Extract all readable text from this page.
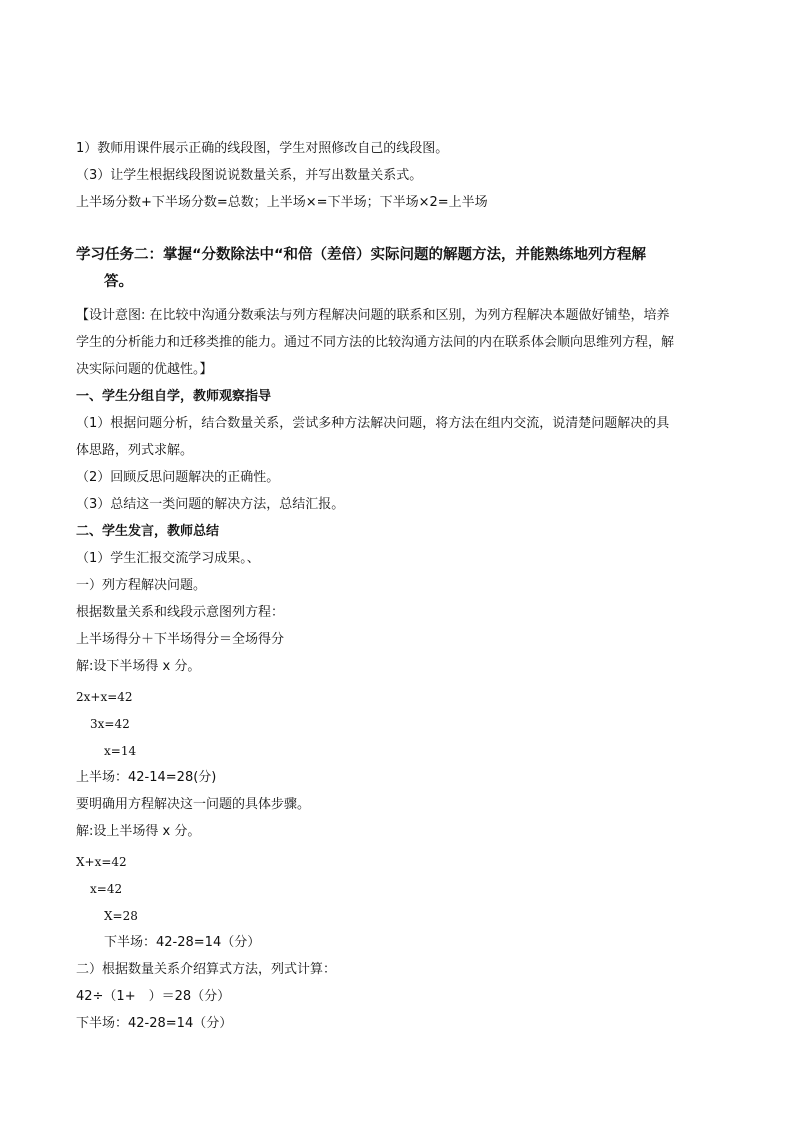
1）教师用课件展示正确的线段图，学生对照修改自己的线段图。
（3）让学生根据线段图说说数量关系，并写出数量关系式。
上半场分数+下半场分数=总数；上半场×=下半场；下半场×2=上半场
学习任务二：掌握“分数除法中“和倍（差倍）实际问题的解题方法，并能熟练地列方程解
答。
【设计意图: 在比较中沟通分数乘法与列方程解决问题的联系和区别，为列方程解决本题做好铺垫，培养
学生的分析能力和迁移类推的能力。通过不同方法的比较沟通方法间的内在联系体会顺向思维列方程，解
决实际问题的优越性。】
一、学生分组自学，教师观察指导
（1）根据问题分析，结合数量关系，尝试多种方法解决问题，将方法在组内交流，说清楚问题解决的具
体思路，列式求解。
（2）回顾反思问题解决的正确性。
（3）总结这一类问题的解决方法，总结汇报。
二、学生发言，教师总结
（1）学生汇报交流学习成果。、
一）列方程解决问题。
根据数量关系和线段示意图列方程：
上半场得分＋下半场得分＝全场得分
解:设下半场得 x 分。
2x+x=42
3x=42
x=14
上半场：42-14=28(分)
要明确用方程解决这一问题的具体步骤。
解:设上半场得 x 分。
X+x=42
x=42
X=28
下半场：42-28=14（分）
二）根据数量关系介绍算式方法，列式计算：
42÷（1+　）＝28（分）
下半场：42-28=14（分）
